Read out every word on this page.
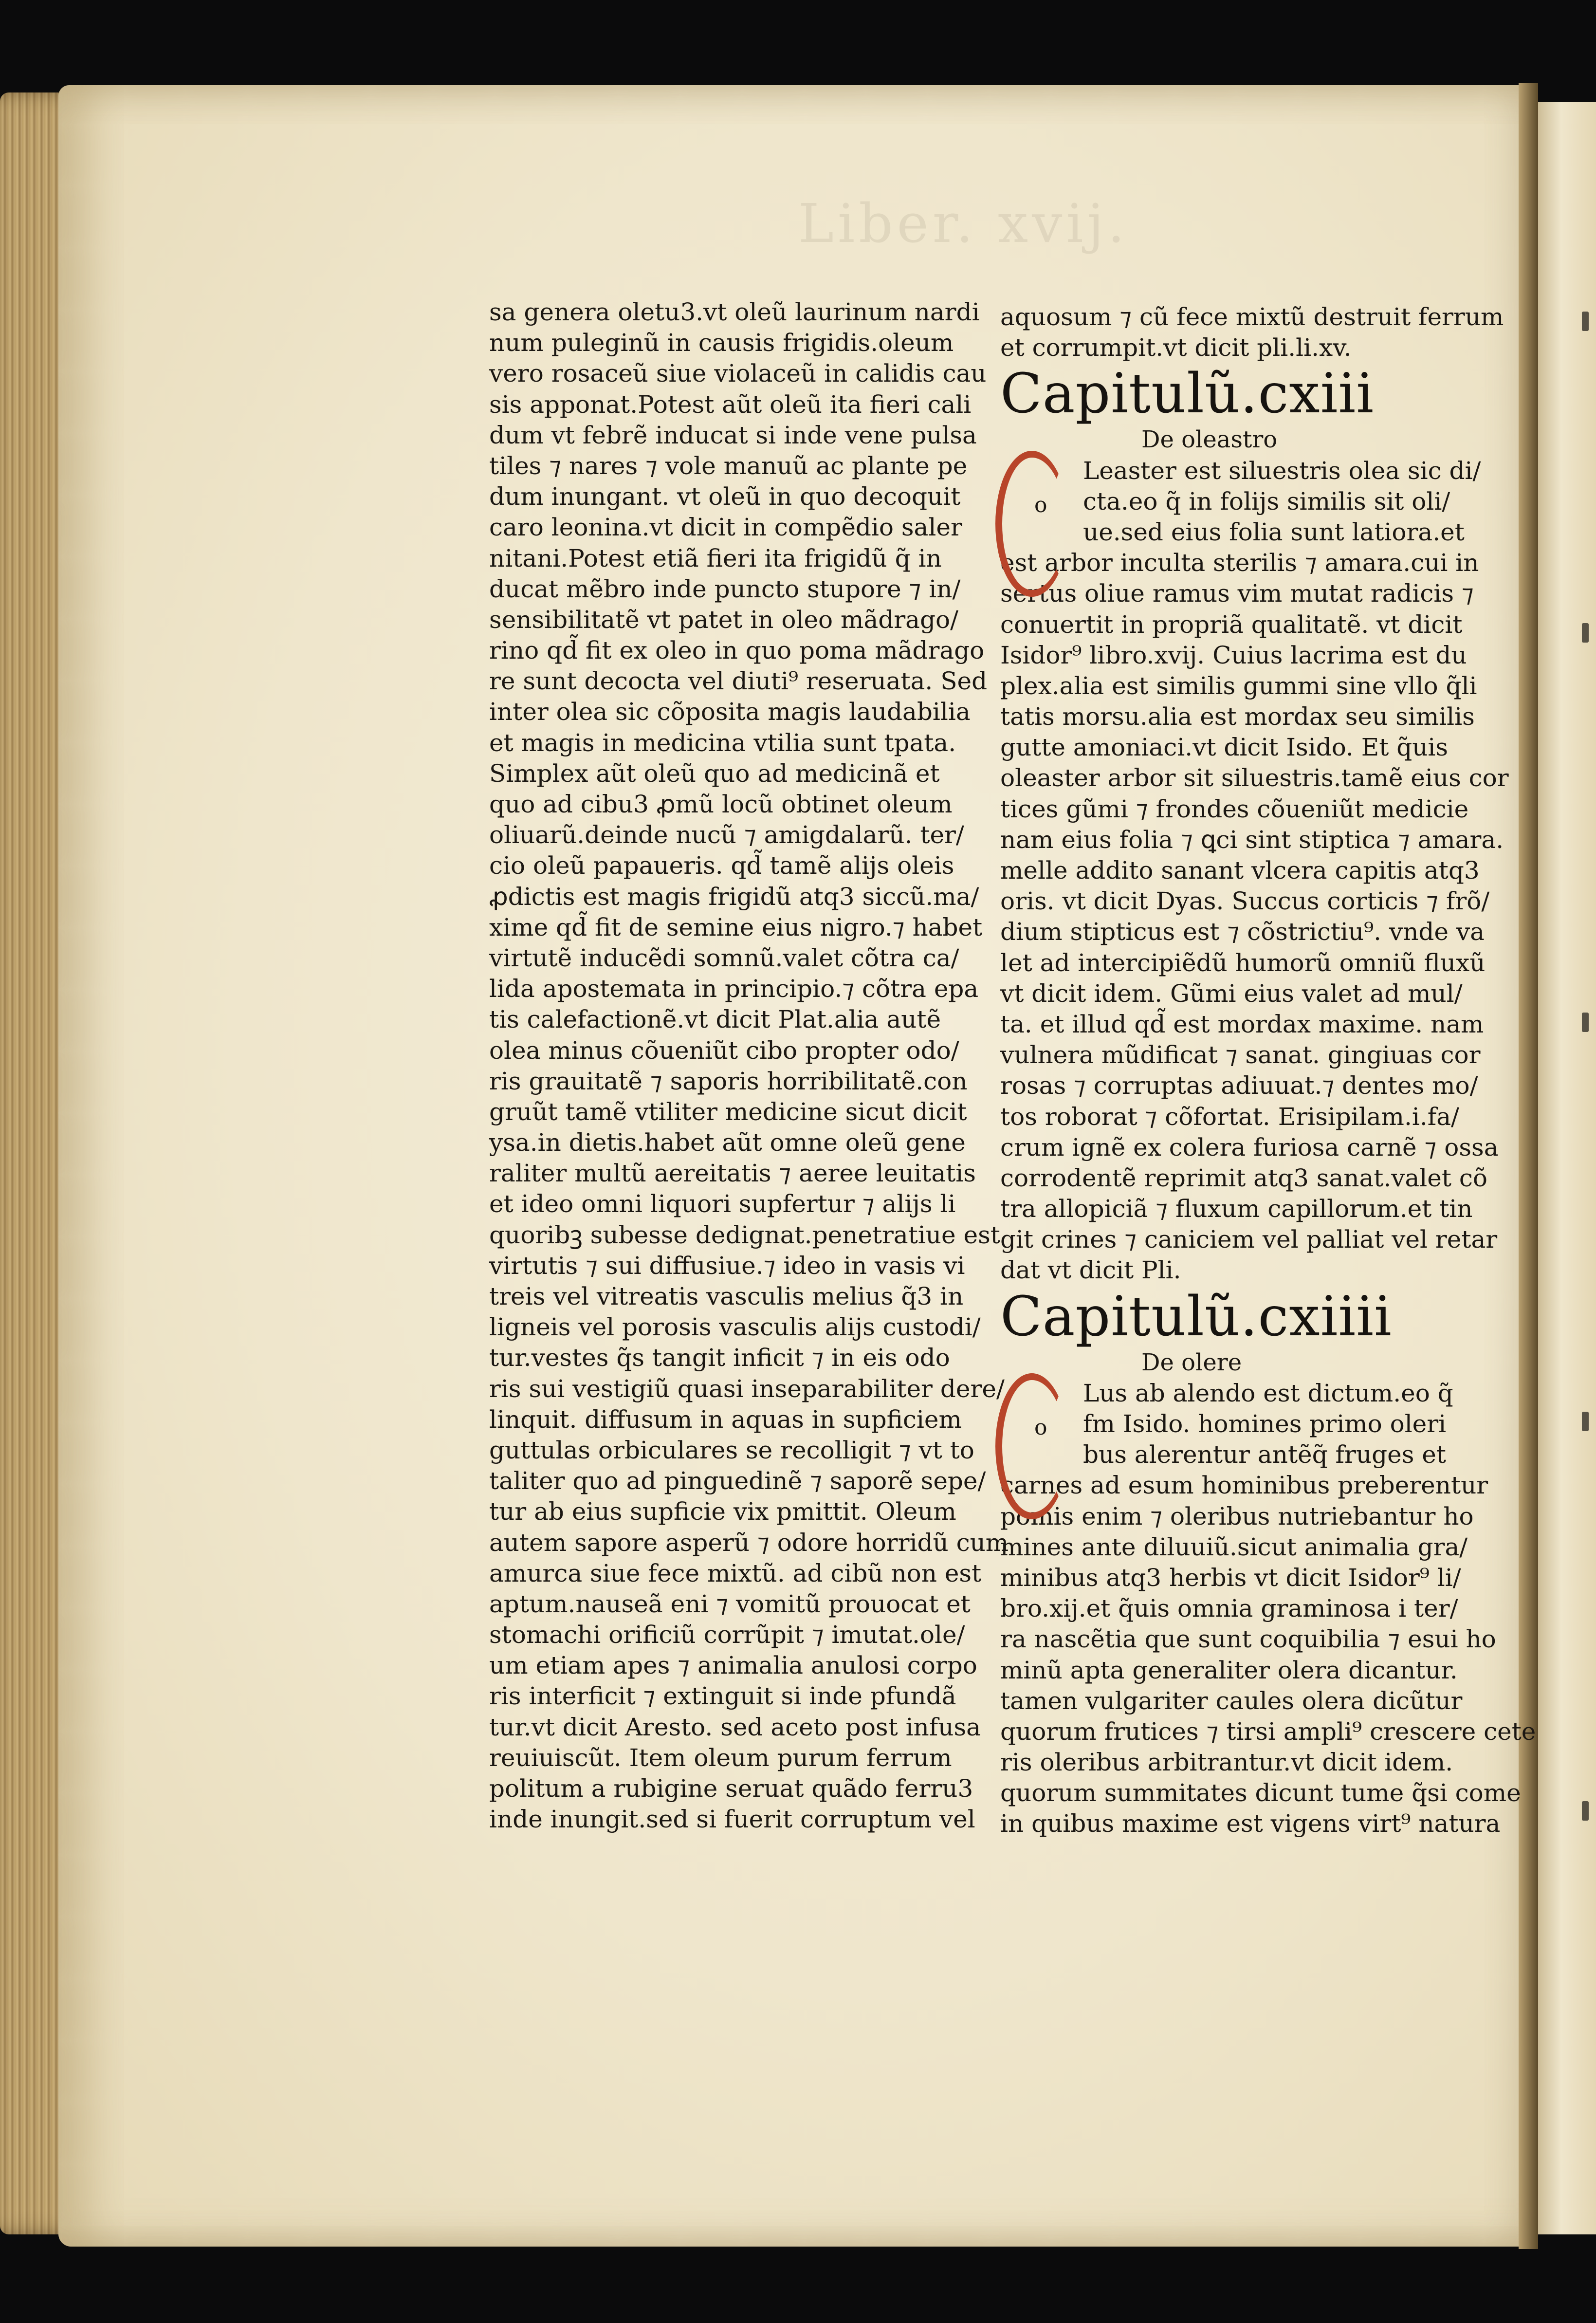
Liber. xvij.
sa genera oletu3.vt oleũ laurinum nardi
num puleginũ in causis frigidis.oleum
vero rosaceũ siue violaceũ in calidis cau
sis apponat.Potest aũt oleũ ita fieri cali
dum vt febrẽ inducat si inde vene pulsa
tiles ⁊ nares ⁊ vole manuũ ac plante pe
dum inungant. vt oleũ in quo decoquit
caro leonina.vt dicit in compẽdio saler
nitani.Potest etiã fieri ita frigidũ q̃ in
ducat mẽbro inde puncto stupore ⁊ in/
sensibilitatẽ vt patet in oleo mãdrago/
rino qd̃ fit ex oleo in quo poma mãdrago
re sunt decocta vel diuti⁹ reseruata. Sed
inter olea sic cõposita magis laudabilia
et magis in medicina vtilia sunt tpata.
Simplex aũt oleũ quo ad medicinã et
quo ad cibu3 ꝓmũ locũ obtinet oleum
oliuarũ.deinde nucũ ⁊ amigdalarũ. ter/
cio oleũ papaueris. qd̃ tamẽ alijs oleis
ꝓdictis est magis frigidũ atq3 siccũ.ma/
xime qd̃ fit de semine eius nigro.⁊ habet
virtutẽ inducẽdi somnũ.valet cõtra ca/
lida apostemata in principio.⁊ cõtra epa
tis calefactionẽ.vt dicit Plat.alia autẽ
olea minus cõueniũt cibo propter odo/
ris grauitatẽ ⁊ saporis horribilitatẽ.con
gruũt tamẽ vtiliter medicine sicut dicit
ysa.in dietis.habet aũt omne oleũ gene
raliter multũ aereitatis ⁊ aeree leuitatis
et ideo omni liquori supfertur ⁊ alijs li
quoribꝫ subesse dedignat.penetratiue est
virtutis ⁊ sui diffusiue.⁊ ideo in vasis vi
treis vel vitreatis vasculis melius q̃3 in
ligneis vel porosis vasculis alijs custodi/
tur.vestes q̃s tangit inficit ⁊ in eis odo
ris sui vestigiũ quasi inseparabiliter dere/
linquit. diffusum in aquas in supficiem
guttulas orbiculares se recolligit ⁊ vt to
taliter quo ad pinguedinẽ ⁊ saporẽ sepe/
tur ab eius supficie vix pmittit. Oleum
autem sapore asperũ ⁊ odore horridũ cum
amurca siue fece mixtũ. ad cibũ non est
aptum.nauseã eni ⁊ vomitũ prouocat et
stomachi orificiũ corrũpit ⁊ imutat.ole/
um etiam apes ⁊ animalia anulosi corpo
ris interficit ⁊ extinguit si inde pfundã
tur.vt dicit Aresto. sed aceto post infusa
reuiuiscũt. Item oleum purum ferrum
politum a rubigine seruat quãdo ferru3
inde inungit.sed si fuerit corruptum vel
aquosum ⁊ cũ fece mixtũ destruit ferrum
et corrumpit.vt dicit pli.li.xv.
Capitulũ.cxiii
De oleastro
o
Leaster est siluestris olea sic di/
cta.eo q̃ in folijs similis sit oli/
ue.sed eius folia sunt latiora.et
est arbor inculta sterilis ⁊ amara.cui in
sertus oliue ramus vim mutat radicis ⁊
conuertit in propriã qualitatẽ. vt dicit
Isidor⁹ libro.xvij. Cuius lacrima est du
plex.alia est similis gummi sine vllo q̃li
tatis morsu.alia est mordax seu similis
gutte amoniaci.vt dicit Isido. Et q̃uis
oleaster arbor sit siluestris.tamẽ eius cor
tices gũmi ⁊ frondes cõueniũt medicie
nam eius folia ⁊ ꝗci sint stiptica ⁊ amara.
melle addito sanant vlcera capitis atq3
oris. vt dicit Dyas. Succus corticis ⁊ frõ/
dium stipticus est ⁊ cõstrictiu⁹. vnde va
let ad intercipiẽdũ humorũ omniũ fluxũ
vt dicit idem. Gũmi eius valet ad mul/
ta. et illud qd̃ est mordax maxime. nam
vulnera mũdificat ⁊ sanat. gingiuas cor
rosas ⁊ corruptas adiuuat.⁊ dentes mo/
tos roborat ⁊ cõfortat. Erisipilam.i.fa/
crum ignẽ ex colera furiosa carnẽ ⁊ ossa
corrodentẽ reprimit atq3 sanat.valet cõ
tra allopiciã ⁊ fluxum capillorum.et tin
git crines ⁊ caniciem vel palliat vel retar
dat vt dicit Pli.
Capitulũ.cxiiii
De olere
o
Lus ab alendo est dictum.eo q̃
fm Isido. homines primo oleri
bus alerentur antẽq̃ fruges et
carnes ad esum hominibus preberentur
pomis enim ⁊ oleribus nutriebantur ho
mines ante diluuiũ.sicut animalia gra/
minibus atq3 herbis vt dicit Isidor⁹ li/
bro.xij.et q̃uis omnia graminosa i ter/
ra nascẽtia que sunt coquibilia ⁊ esui ho
minũ apta generaliter olera dicantur.
tamen vulgariter caules olera dicũtur
quorum frutices ⁊ tirsi ampli⁹ crescere cete
ris oleribus arbitrantur.vt dicit idem.
quorum summitates dicunt tume q̃si come
in quibus maxime est vigens virt⁹ natura
